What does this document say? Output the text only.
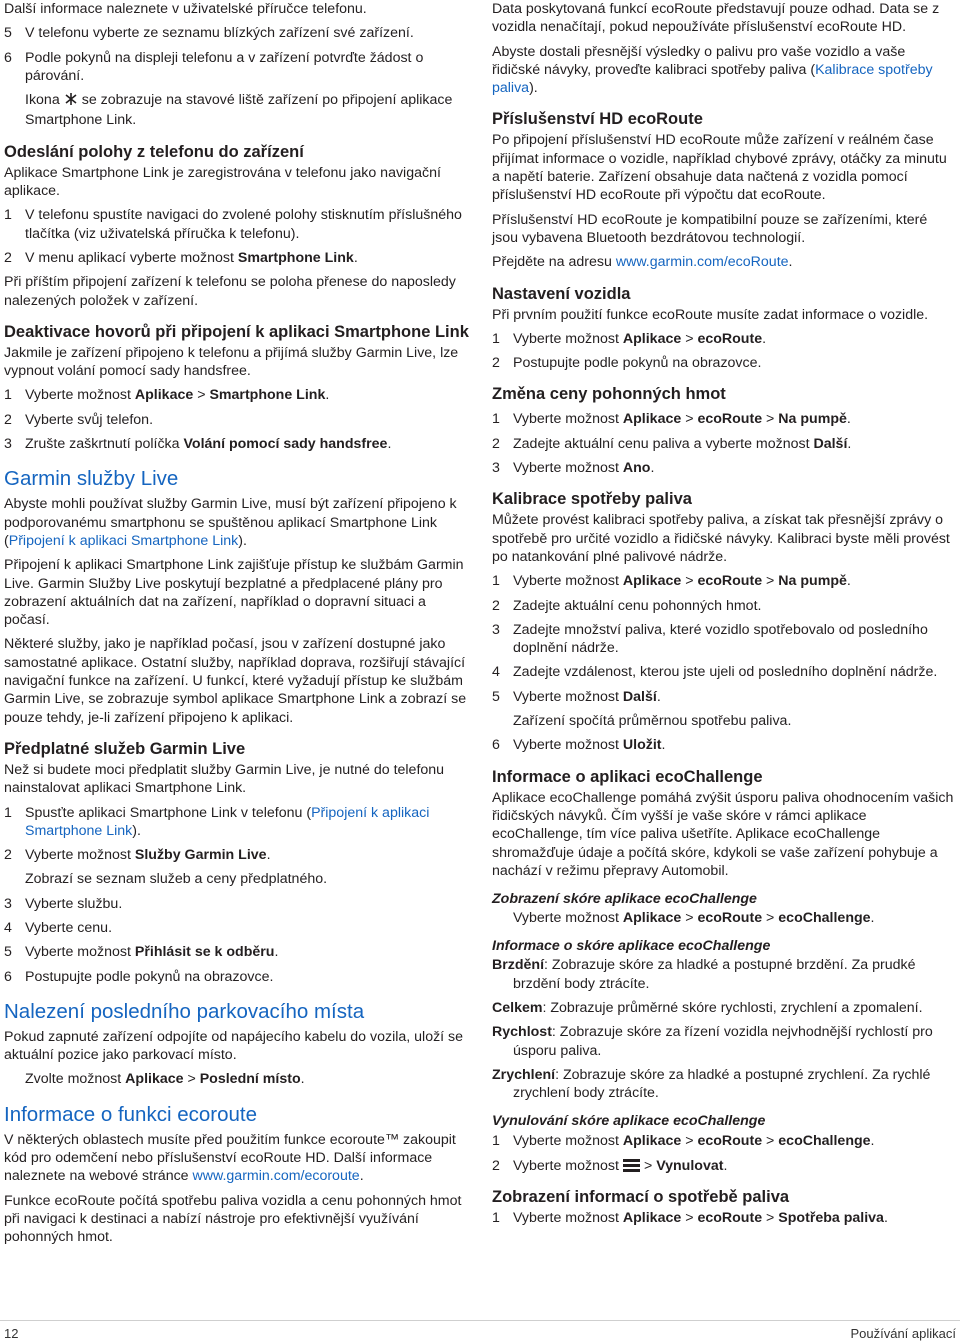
Další informace naleznete v uživatelské příručce telefonu.

5 V telefonu vyberte ze seznamu blízkých zařízení své zařízení.
6 Podle pokynů na displeji telefonu a v zařízení potvrďte žádost o párování.

Ikona se zobrazuje na stavové liště zařízení po připojení aplikace Smartphone Link.

Odeslání polohy z telefonu do zařízení

Aplikace Smartphone Link je zaregistrována v telefonu jako navigační aplikace.

1 V telefonu spustíte navigaci do zvolené polohy stisknutím příslušného tlačítka (viz uživatelská příručka k telefonu).
2 V menu aplikací vyberte možnost Smartphone Link.

Při příštím připojení zařízení k telefonu se poloha přenese do naposledy nalezených položek v zařízení.

Deaktivace hovorů při připojení k aplikaci Smartphone Link

Jakmile je zařízení připojeno k telefonu a přijímá služby Garmin Live, lze vypnout volání pomocí sady handsfree.

1 Vyberte možnost Aplikace > Smartphone Link.
2 Vyberte svůj telefon.
3 Zrušte zaškrtnutí políčka Volání pomocí sady handsfree.
Garmin služby Live

Abyste mohli používat služby Garmin Live, musí být zařízení připojeno k podporovanému smartphonu se spuštěnou aplikací Smartphone Link (Připojení k aplikaci Smartphone Link).

Připojení k aplikaci Smartphone Link zajišťuje přístup ke službám Garmin Live. Garmin Služby Live poskytují bezplatné a předplacené plány pro zobrazení aktuálních dat na zařízení, například o dopravní situaci a počasí.

Některé služby, jako je například počasí, jsou v zařízení dostupné jako samostatné aplikace. Ostatní služby, například doprava, rozšiřují stávající navigační funkce na zařízení. U funkcí, které vyžadují přístup ke službám Garmin Live, se zobrazuje symbol aplikace Smartphone Link a zobrazí se pouze tehdy, je-li zařízení připojeno k aplikaci.

Předplatné služeb Garmin Live

Než si budete moci předplatit služby Garmin Live, je nutné do telefonu nainstalovat aplikaci Smartphone Link.

1 Spusťte aplikaci Smartphone Link v telefonu (Připojení k aplikaci Smartphone Link).
2 Vyberte možnost Služby Garmin Live.

Zobrazí se seznam služeb a ceny předplatného.

3 Vyberte službu.
4 Vyberte cenu.
5 Vyberte možnost Přihlásit se k odběru.
6 Postupujte podle pokynů na obrazovce.
Nalezení posledního parkovacího místa

Pokud zapnuté zařízení odpojíte od napájecího kabelu do vozila, uloží se aktuální pozice jako parkovací místo.

Zvolte možnost Aplikace > Poslední místo.

Informace o funkci ecoroute

V některých oblastech musíte před použitím funkce ecoroute™ zakoupit kód pro odemčení nebo příslušenství ecoRoute HD. Další informace naleznete na webové stránce www.garmin.com/ecoroute.

Funkce ecoRoute počítá spotřebu paliva vozidla a cenu pohonných hmot při navigaci k destinaci a nabízí nástroje pro efektivnější využívání pohonných hmot.

Data poskytovaná funkcí ecoRoute představují pouze odhad. Data se z vozidla nenačítají, pokud nepoužíváte příslušenství ecoRoute HD.

Abyste dostali přesnější výsledky o palivu pro vaše vozidlo a vaše řidičské návyky, proveďte kalibraci spotřeby paliva (Kalibrace spotřeby paliva).

Příslušenství HD ecoRoute

Po připojení příslušenství HD ecoRoute může zařízení v reálném čase přijímat informace o vozidle, například chybové zprávy, otáčky za minutu a napětí baterie. Zařízení obsahuje data načtená z vozidla pomocí příslušenství HD ecoRoute při výpočtu dat ecoRoute.

Příslušenství HD ecoRoute je kompatibilní pouze se zařízeními, které jsou vybavena Bluetooth bezdrátovou technologií.

Přejděte na adresu www.garmin.com/ecoRoute.

Nastavení vozidla

Při prvním použití funkce ecoRoute musíte zadat informace o vozidle.

1 Vyberte možnost Aplikace > ecoRoute.
2 Postupujte podle pokynů na obrazovce.
Změna ceny pohonných hmot
1 Vyberte možnost Aplikace > ecoRoute > Na pumpě.
2 Zadejte aktuální cenu paliva a vyberte možnost Další.
3 Vyberte možnost Ano.
Kalibrace spotřeby paliva

Můžete provést kalibraci spotřeby paliva, a získat tak přesnější zprávy o spotřebě pro určité vozidlo a řidičské návyky. Kalibraci byste měli provést po natankování plné palivové nádrže.

1 Vyberte možnost Aplikace > ecoRoute > Na pumpě.
2 Zadejte aktuální cenu pohonných hmot.
3 Zadejte množství paliva, které vozidlo spotřebovalo od posledního doplnění nádrže.
4 Zadejte vzdálenost, kterou jste ujeli od posledního doplnění nádrže.
5 Vyberte možnost Další.

Zařízení spočítá průměrnou spotřebu paliva.

6 Vyberte možnost Uložit.
Informace o aplikaci ecoChallenge

Aplikace ecoChallenge pomáhá zvýšit úsporu paliva ohodnocením vašich řidičských návyků. Čím vyšší je vaše skóre v rámci aplikace ecoChallenge, tím více paliva ušetříte. Aplikace ecoChallenge shromažďuje údaje a počítá skóre, kdykoli se vaše zařízení pohybuje a nachází v režimu přepravy Automobil.

Zobrazení skóre aplikace ecoChallenge

Vyberte možnost Aplikace > ecoRoute > ecoChallenge.

Informace o skóre aplikace ecoChallenge

Brzdění: Zobrazuje skóre za hladké a postupné brzdění. Za prudké brzdění body ztrácíte.

Celkem: Zobrazuje průměrné skóre rychlosti, zrychlení a zpomalení.

Rychlost: Zobrazuje skóre za řízení vozidla nejvhodnější rychlostí pro úsporu paliva.

Zrychlení: Zobrazuje skóre za hladké a postupné zrychlení. Za rychlé zrychlení body ztrácíte.

Vynulování skóre aplikace ecoChallenge
1 Vyberte možnost Aplikace > ecoRoute > ecoChallenge.
2 Vyberte možnost > Vynulovat.
Zobrazení informací o spotřebě paliva
1 Vyberte možnost Aplikace > ecoRoute > Spotřeba paliva.
12	Používání aplikací
